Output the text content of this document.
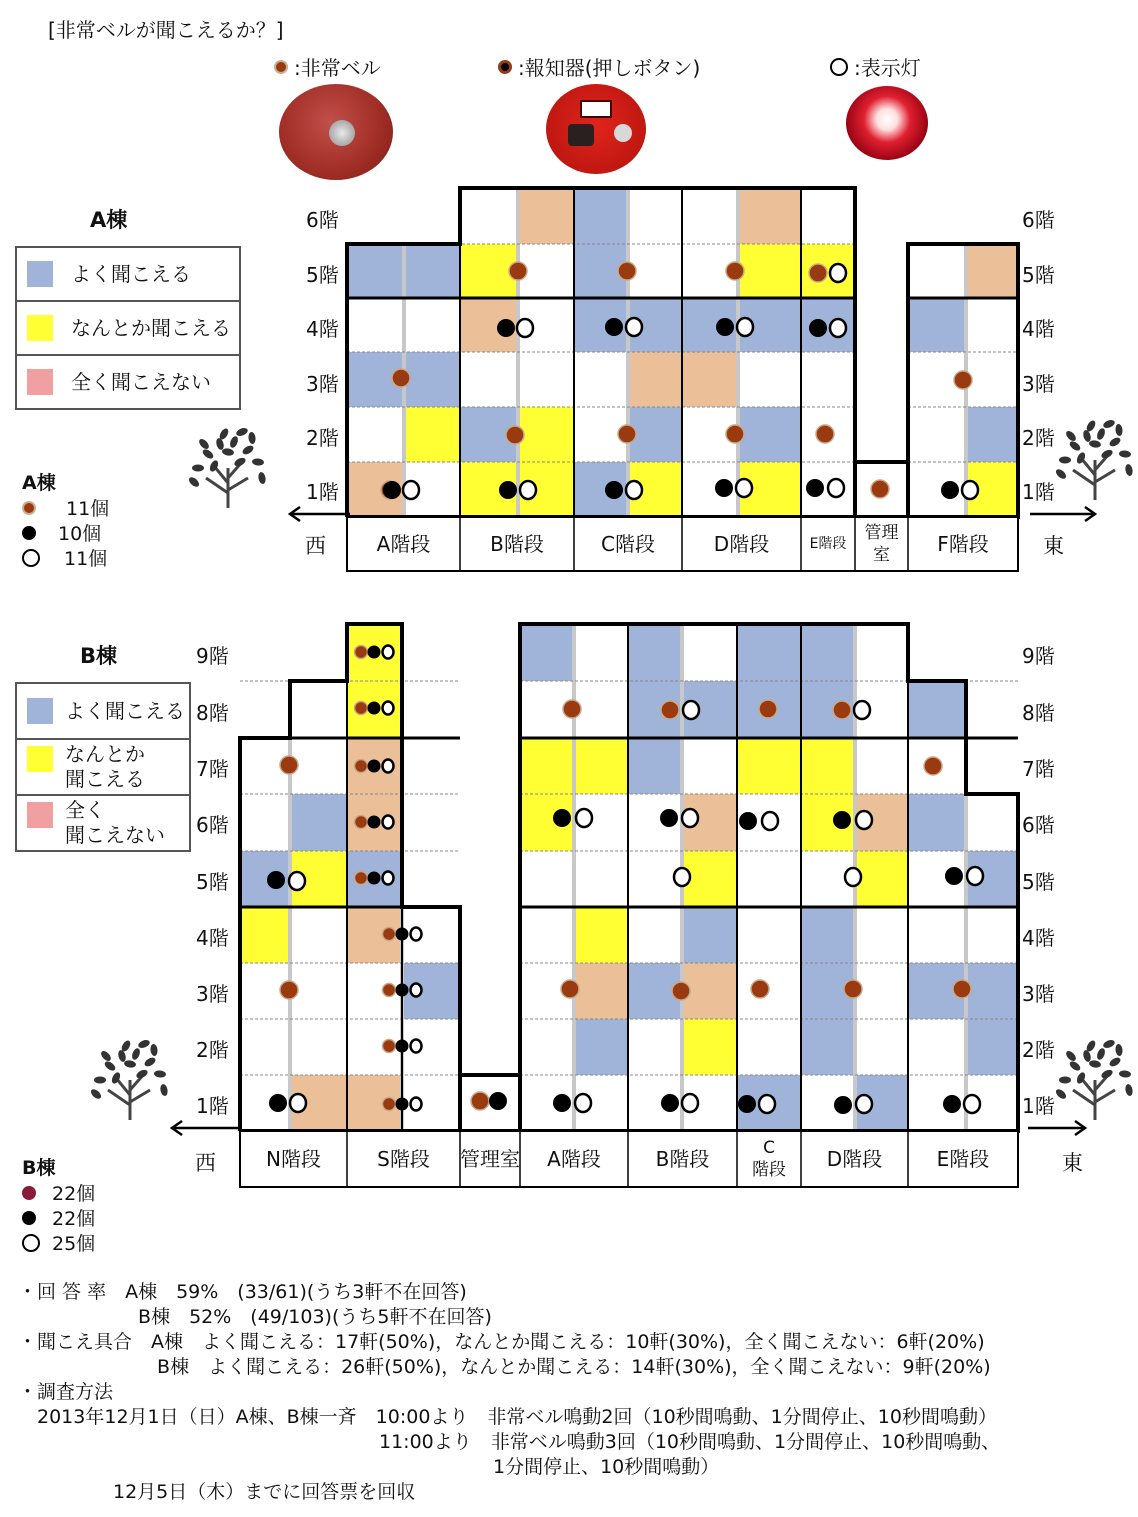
[非常ベルが聞こえるか？]
:非常ベル	:報知器(押しボタン)	:表示灯
A棟
よく聞こえる
なんとか聞こえる
全く聞こえない
A棟
11個
10個
11個
B棟
よく聞こえる
なんとか
聞こえる
全く
聞こえない
B棟
22個
22個
25個
6階	6階
5階	5階
4階	4階
3階	3階
2階	2階
1階	1階
9階	9階
8階	8階
7階	7階
6階	6階
5階	5階
4階	4階
3階	3階
2階	2階
1階	1階
西	東
西	東
A階段	B階段	C階段	D階段	E階段
管理
室	F階段
N階段	S階段	管理室	A階段	B階段	C
階段	D階段	E階段
・回 答 率　A棟　59%　(33/61)(うち3軒不在回答)
　　　　　　 B棟　52%　(49/103)(うち5軒不在回答)
・聞こえ具合　A棟　よく聞こえる：17軒(50%)，なんとか聞こえる：10軒(30%)，全く聞こえない：6軒(20%)
　　　　　　　 B棟　よく聞こえる：26軒(50%)，なんとか聞こえる：14軒(30%)，全く聞こえない：9軒(20%)
・調査方法
　2013年12月1日（日）A棟、B棟一斉　10:00より　非常ベル鳴動2回（10秒間鳴動、1分間停止、10秒間鳴動）
　　　　　　　　　　　　　　　　　　　11:00より　非常ベル鳴動3回（10秒間鳴動、1分間停止、10秒間鳴動、
　　　　　　　　　　　　　　　　　　　　　　　　　1分間停止、10秒間鳴動）
　　　　　12月5日（木）までに回答票を回収
